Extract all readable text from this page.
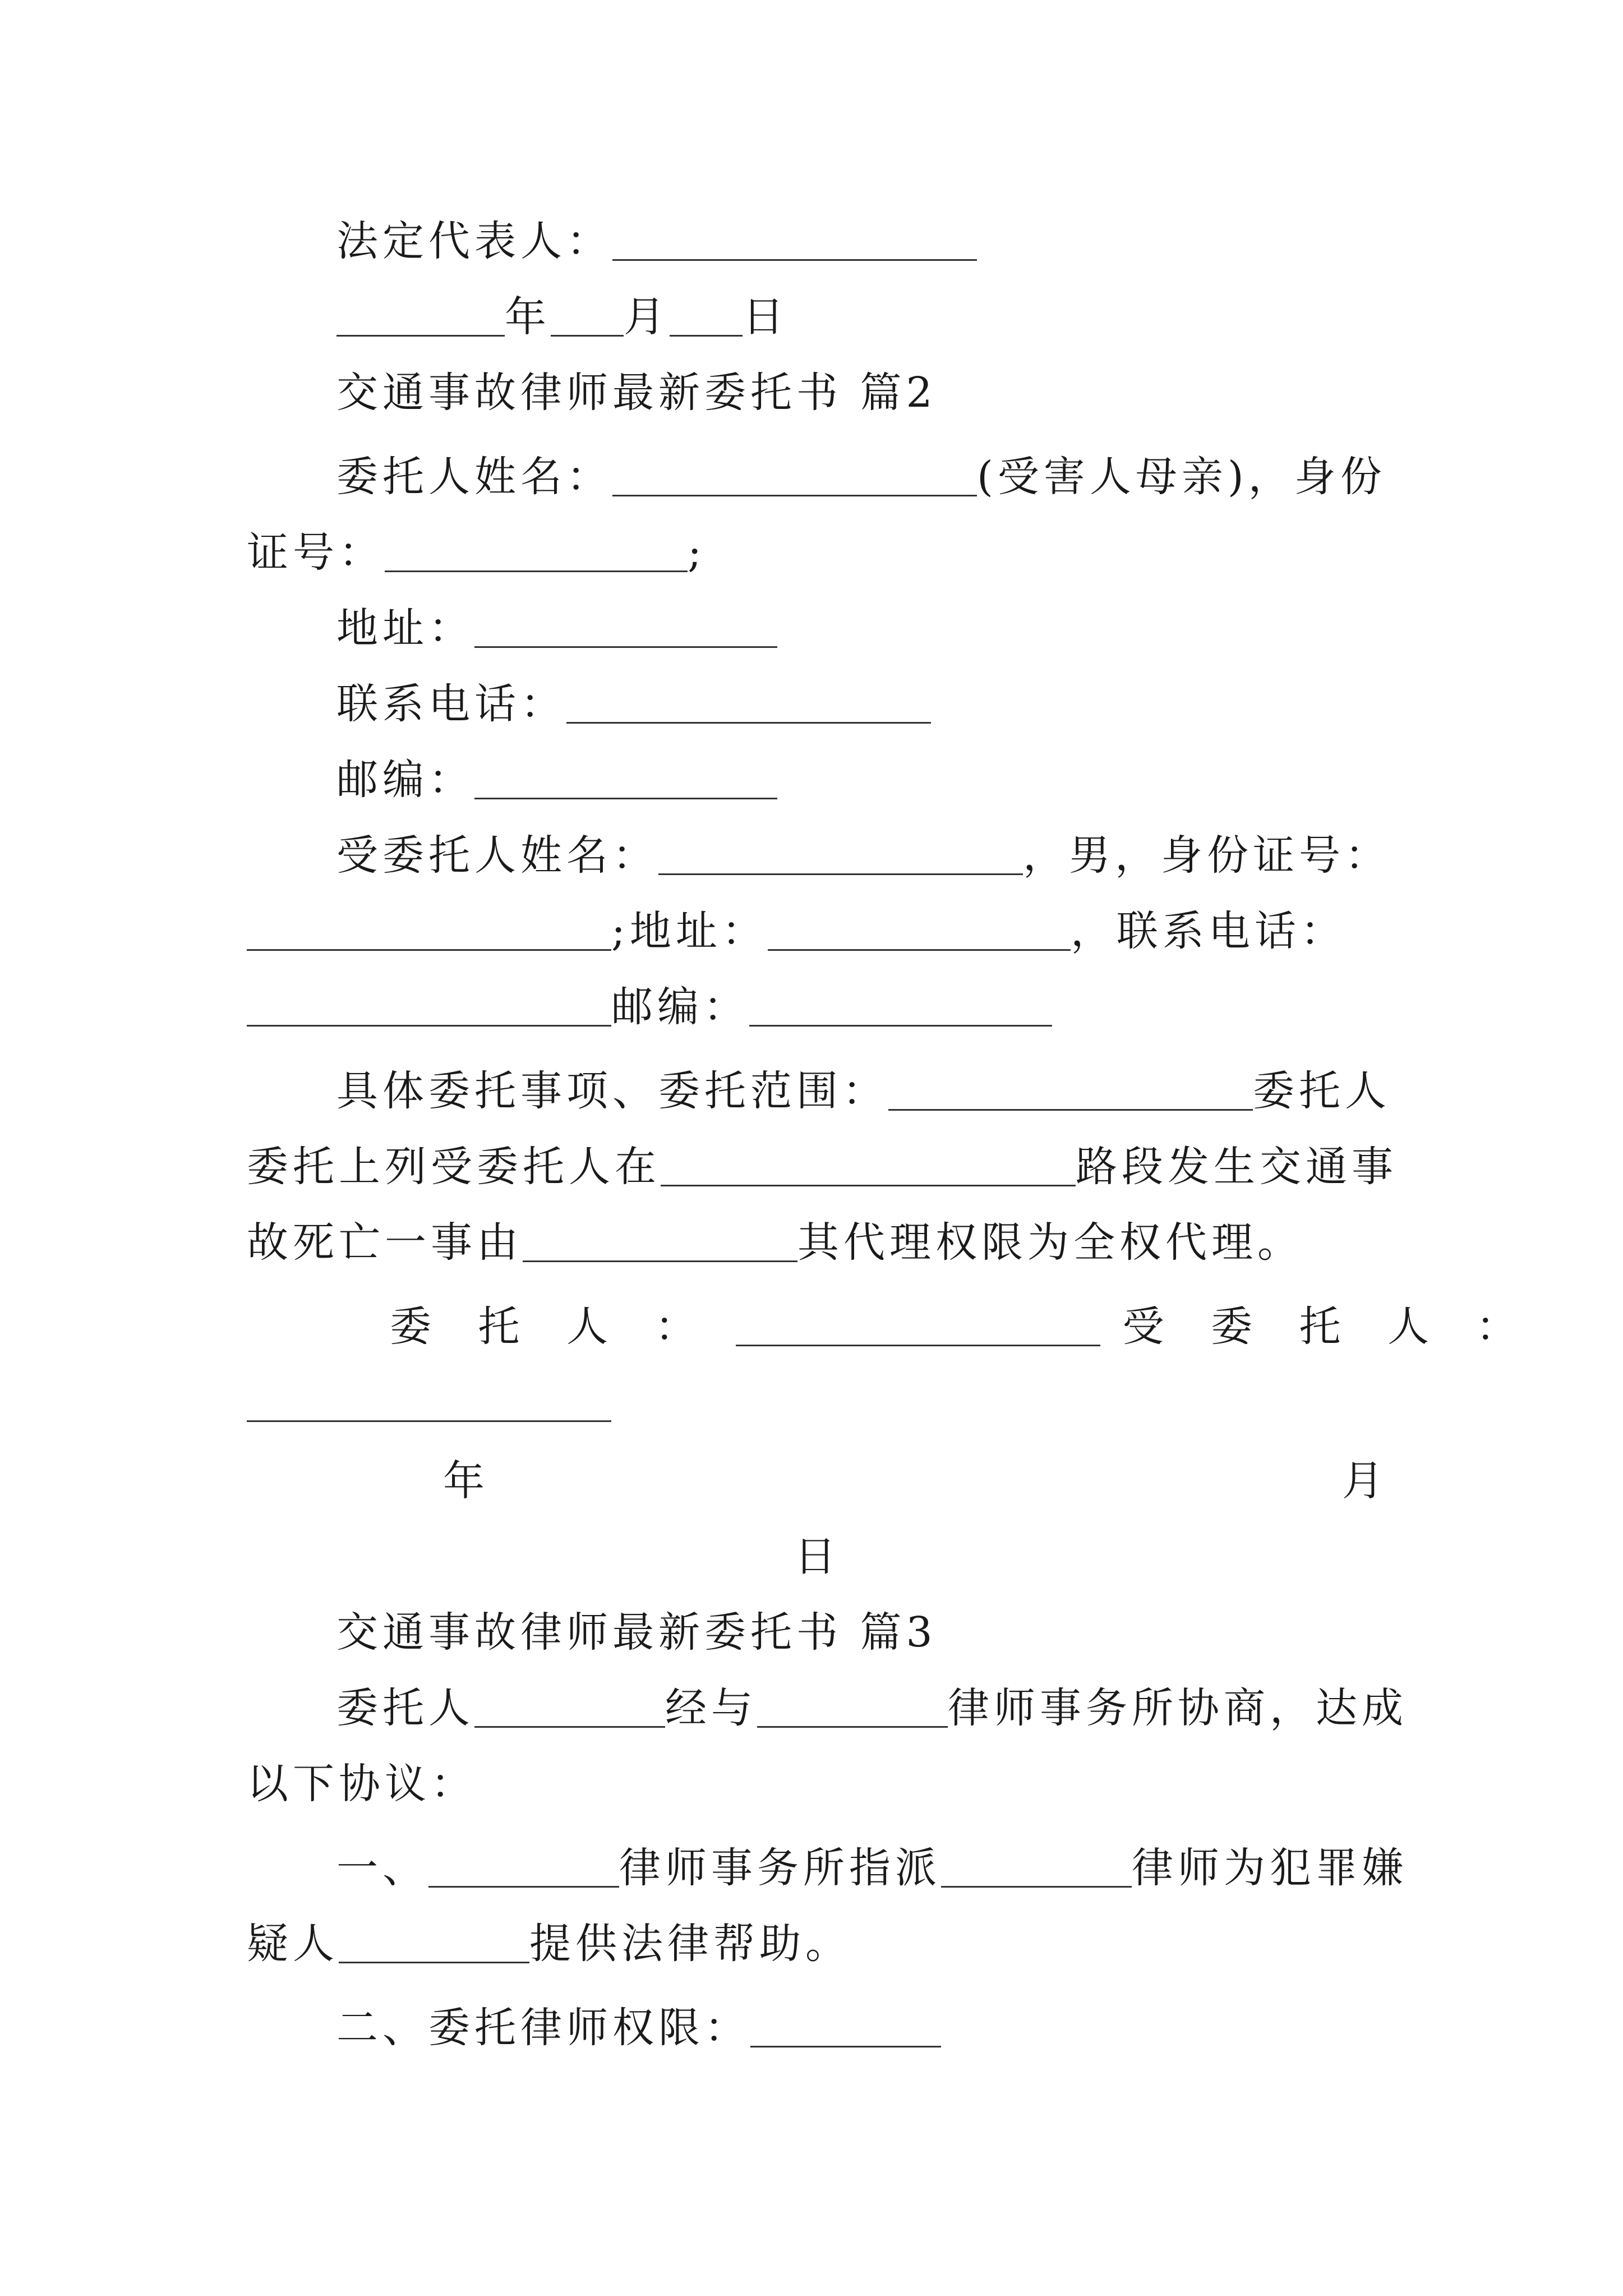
法定代表人：
年 月 日
交通事故律师最新委托书 篇2
委托人姓名：	(受害人母亲)，身份
证号：	;
地址：
联系电话：
邮编：
受委托人姓名：	，男，身份证号：
;地址：	，联系电话：
邮编：
具体委托事项、委托范围：	委托人
委托上列受委托人在	路段发生交通事
故死亡一事由	其代理权限为全权代理。
委 托 人 ：	受 委 托 人 ：
年	月
日
交通事故律师最新委托书 篇3
委托人	经与	律师事务所协商，达成
以下协议：
一、	律师事务所指派	律师为犯罪嫌
疑人	提供法律帮助。
二、委托律师权限：
